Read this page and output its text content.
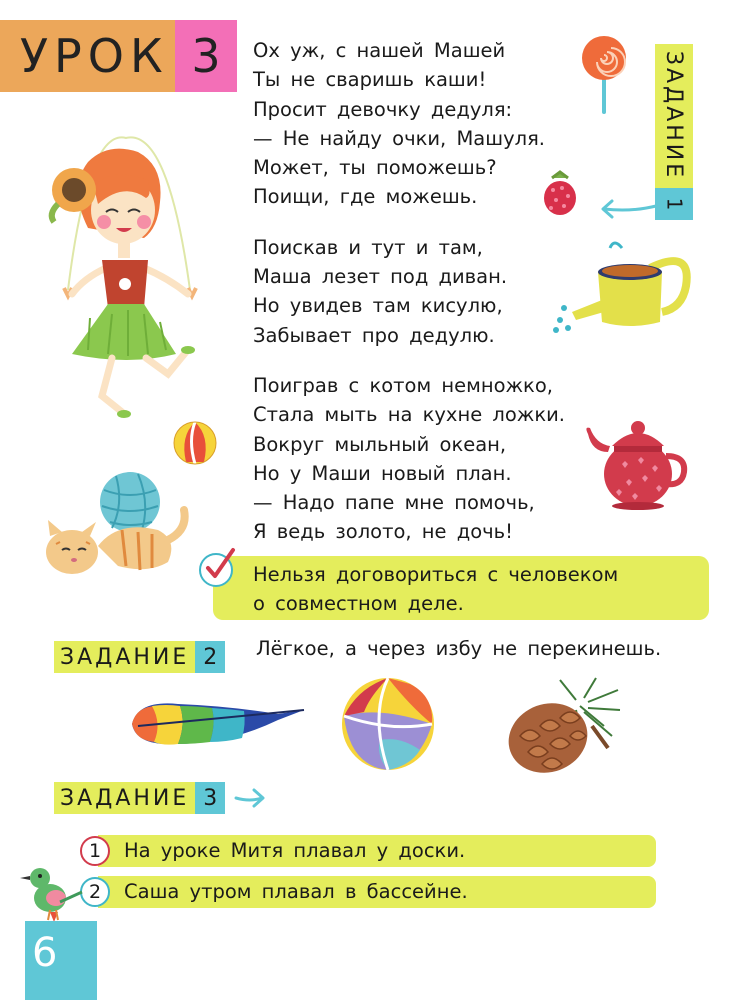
УРОК 3	Ох уж, с нашей Машей
Ты не сваришь каши!
Просит девочку дедуля:
— Не найду очки, Машуля.
Может, ты поможешь?
Поищи, где можешь.
Поискав и тут и там,
Маша лезет под диван.
Но увидев там кисулю,
Забывает про дедулю.
Поиграв с котом немножко,
Стала мыть на кухне ложки.
Вокруг мыльный океан,
Но у Маши новый план.
— Надо папе мне помочь,
Я ведь золото, не дочь!
ЗАДАНИЕ
1
Нельзя договориться с человеком
о совместном деле.
ЗАДАНИЕ 2	Лёгкое, а через избу не перекинешь.
ЗАДАНИЕ 3
1
2
На уроке Митя плавал у доски.
Саша утром плавал в бассейне.
6
